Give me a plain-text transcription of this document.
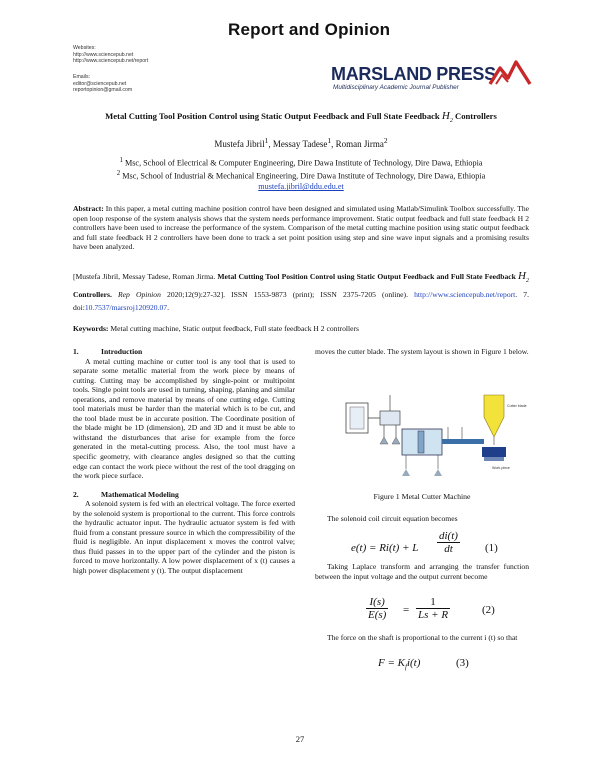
Websites:
http://www.sciencepub.net
http://www.sciencepub.net/report
Emails:
editor@sciencepub.net
reportopinion@gmail.com
Report and Opinion
MARSLAND PRESS
Multidisciplinary Academic Journal Publisher
Metal Cutting Tool Position Control using Static Output Feedback and Full State Feedback $H_2$ Controllers
Mustefa Jibril$^1$, Messay Tadese$^1$, Roman Jirma$^2$
$^1$ Msc, School of Electrical & Computer Engineering, Dire Dawa Institute of Technology, Dire Dawa, Ethiopia
$^2$ Msc, School of Industrial & Mechanical Engineering, Dire Dawa Institute of Technology, Dire Dawa, Ethiopia
mustefa.jibril@ddu.edu.et
Abstract: In this paper, a metal cutting machine position control have been designed and simulated using Matlab/Simulink Toolbox successfully. The open loop response of the system analysis shows that the system needs performance improvement. Static output feedback and full state feedback H 2 controllers have been used to increase the performance of the system. Comparison of the metal cutting machine position using static output feedback and full state feedback H 2 controllers have been done to track a set point position using step and sine wave input signals and a promising results have been analyzed.
[Mustefa Jibril, Messay Tadese, Roman Jirma. Metal Cutting Tool Position Control using Static Output Feedback and Full State Feedback $H_2$ Controllers. Rep Opinion 2020;12(9):27-32]. ISSN 1553-9873 (print); ISSN 2375-7205 (online). http://www.sciencepub.net/report. 7. doi:10.7537/marsroj120920.07.
Keywords: Metal cutting machine, Static output feedback, Full state feedback H 2 controllers
1.	Introduction

A metal cutting machine or cutter tool is any tool that is used to separate some metallic material from the work piece by means of cutting. Cutting may be accomplished by single-point or multipoint tools. Single point tools are used in turning, shaping, planing and similar operations, and remove material by means of one cutting edge. Cutting tool materials must be harder than the material which is to be cut, and the tool blade must be in accurate position. The Coordinate position of the blade might be 1D (dimension), 2D and 3D and it must be able to withstand the disturbances that arise for example from the force generated in the metal-cutting process. Also, the tool must have a specific geometry, with clearance angles designed so that the cutting edge can contact the work piece without the rest of the tool dragging on the work piece surface.

2.	Mathematical Modeling

A solenoid system is fed with an electrical voltage. The force exerted by the solenoid system is proportional to the current. This force controls the hydraulic actuator input. The hydraulic actuator system is fed with fluid from a constant pressure source in which the compressibility of the fluid is negligible. An input displacement x moves the control valve; thus fluid passes in to the upper part of the cylinder and the piston is forced to move horizontally. A low power displacement of x (t) causes a high power displacement y (t). The output displacement

moves the cutter blade. The system layout is shown in Figure 1 below.

Cutter blade
Work piece
Figure 1 Metal Cutter Machine

The solenoid coil circuit equation becomes

e(t) = Ri(t) + L $\frac{di(t)}{dt} (1)$

Taking Laplace transform and arranging the transfer function between the input voltage and the output current become

$\frac{I(s)}{E(s)} = \frac{1}{Ls + R}$	(2)

The force on the shaft is proportional to the current i (t) so that

$F = K_fi(t)$	(3)
27
